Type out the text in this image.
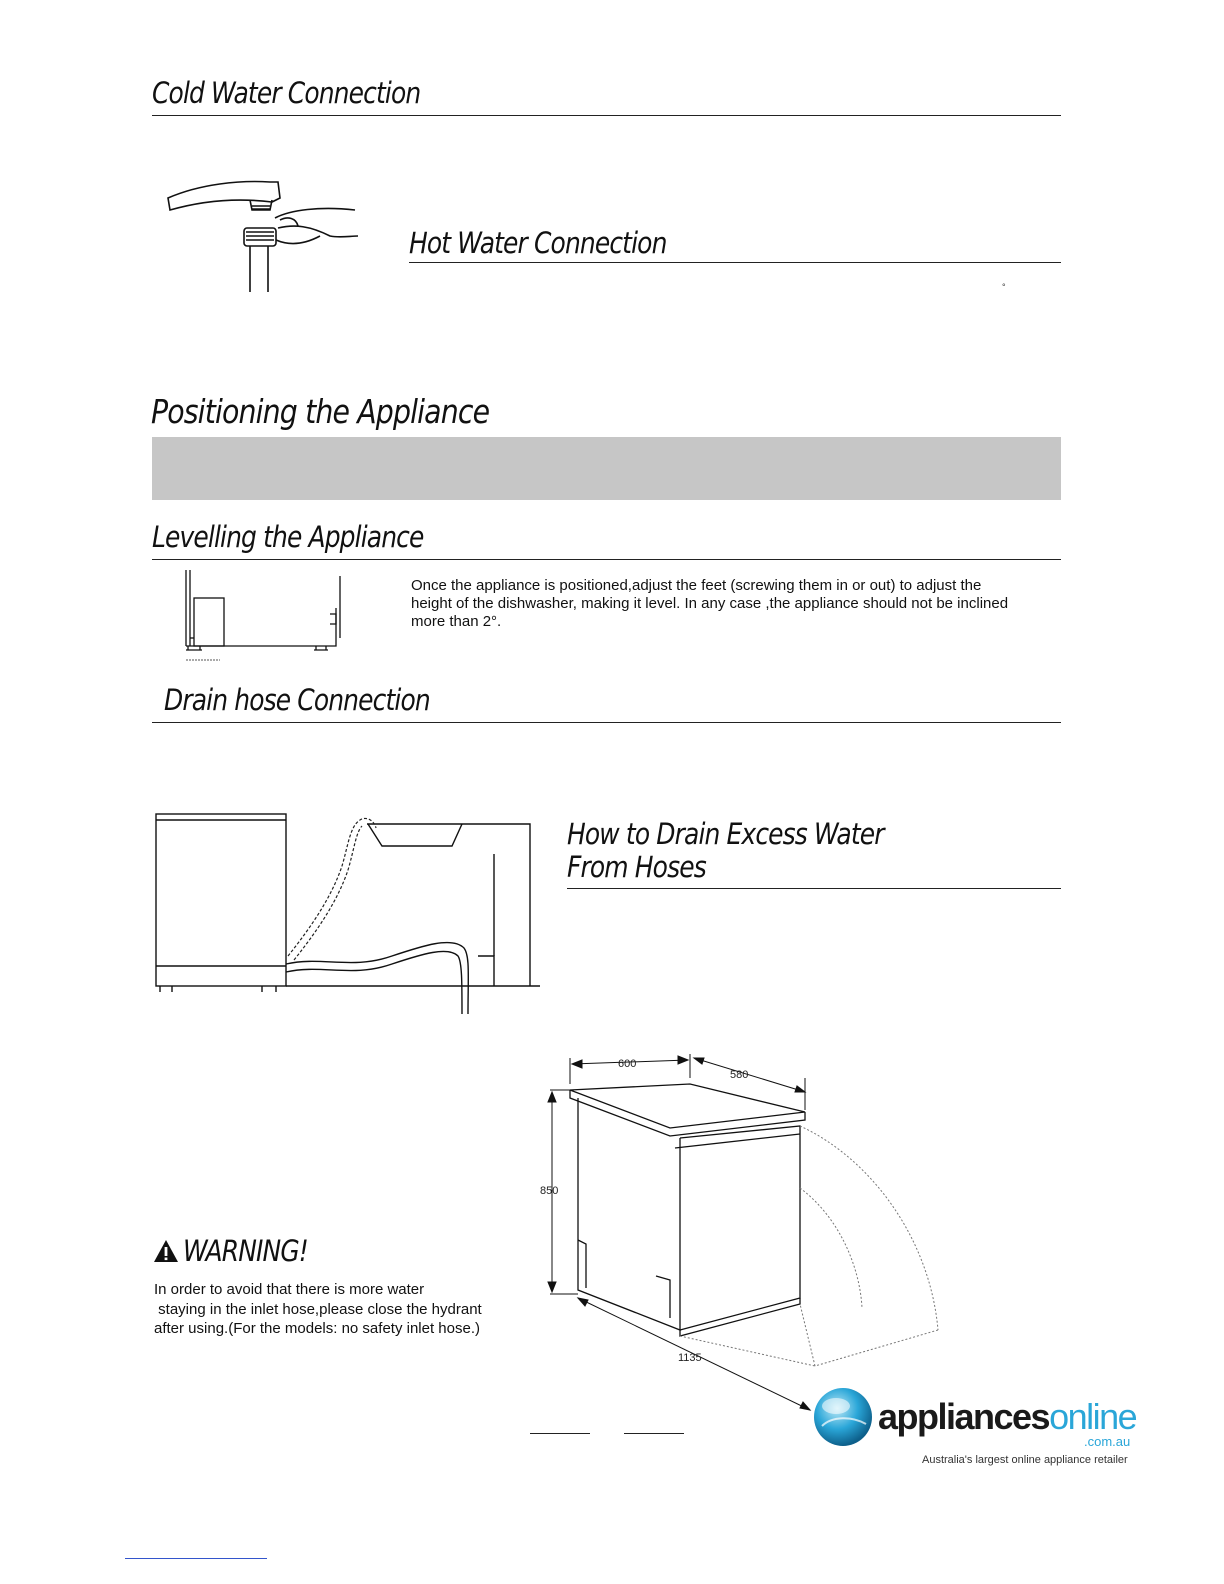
Cold Water Connection
Hot Water Connection
°
Positioning the Appliance
Levelling the Appliance
Once the appliance is positioned,adjust the feet (screwing them in or out) to adjust the
height of the dishwasher, making it level. In any case ,the appliance should not be inclined
more than 2°.
Drain hose Connection
How to Drain Excess Water
From Hoses
600
580
850
1135
WARNING!
In order to avoid that there is more water
staying in the inlet hose,please close the hydrant
after using.(For the models: no safety inlet hose.)
appliancesonline
.com.au
Australia's largest online appliance retailer
